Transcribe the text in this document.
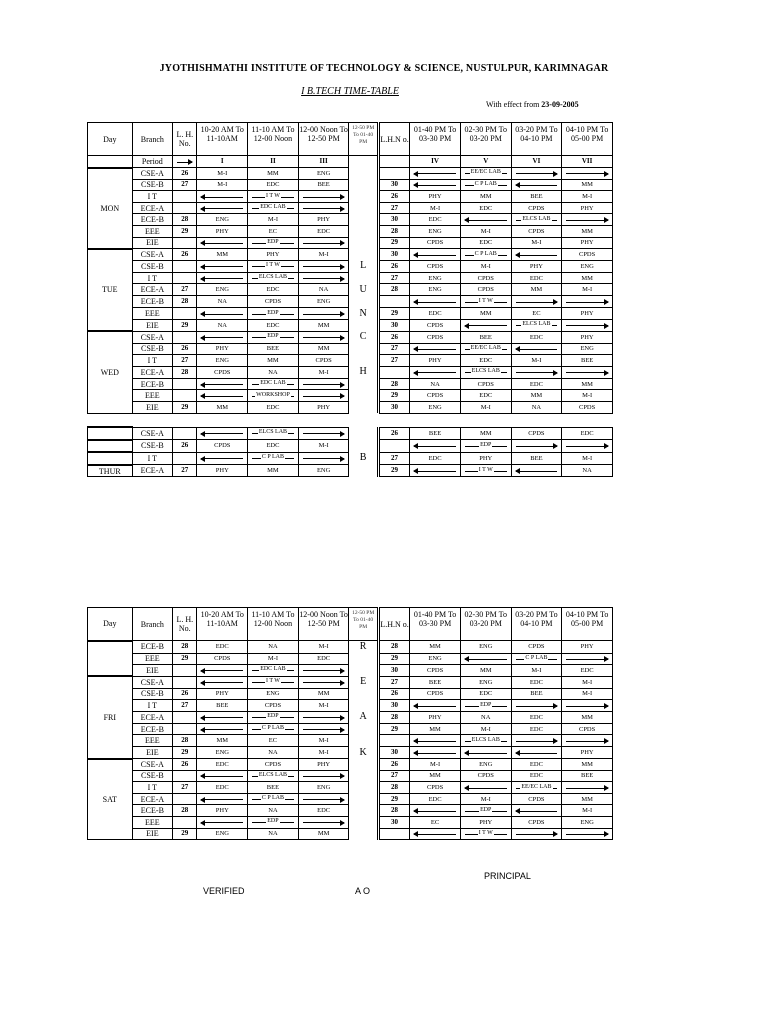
JYOTHISHMATHI INSTITUTE OF TECHNOLOGY & SCIENCE, NUSTULPUR, KARIMNAGAR
I B.TECH TIME-TABLE
With effect from 23-09-2005
Day	Branch	L. H. No.	10-20 AM To 11-10AM	11-10 AM To 12-00 Noon	12-00 Noon To 12-50 PM	12-50 PM To 01-40 PM		L.H.N o.	01-40 PM To 03-30 PM	02-30 PM To 03-20 PM	03-20 PM To 04-10 PM	04-10 PM To 05-00 PM
	Period		I	II	III				IV	V	VI	VII
MON	CSE-A	26	M-I	MM	ENG					EE/EC LAB		

	CSE-B	27	M-I	EDC	BEE			30		C P LAB		MM
	I T			I T W				26	PHY	MM	BEE	M-I
	ECE-A			EDC LAB				27	M-I	EDC	CPDS	PHY
	ECE-B	28	ENG	M-I	PHY			30	EDC		ELCS LAB	

	EEE	29	PHY	EC	EDC			28	ENG	M-I	CPDS	MM
	EIE			EDP				29	CPDS	EDC	M-I	PHY
TUE	CSE-A	26	MM	PHY	M-I			30		C P LAB		CPDS
	CSE-B			I T W		L		26	CPDS	M-I	PHY	ENG
	I T			ELCS LAB				27	ENG	CPDS	EDC	MM
	ECE-A	27	ENG	EDC	NA	U		28	ENG	CPDS	MM	M-I
	ECE-B	28	NA	CPDS	ENG					I T W		

	EEE			EDP		N		29	EDC	MM	EC	PHY
	EIE	29	NA	EDC	MM			30	CPDS		ELCS LAB	

WED	CSE-A			EDP		C		26	CPDS	BEE	EDC	PHY
	CSE-B	26	PHY	BEE	MM			27		EE/EC LAB		ENG
	I T	27	ENG	MM	CPDS			27	PHY	EDC	M-I	BEE
	ECE-A	28	CPDS	NA	M-I	H				ELCS LAB		

	ECE-B			EDC LAB				28	NA	CPDS	EDC	MM
	EEE			WORKSHOP				29	CPDS	EDC	MM	M-I
	EIE	29	MM	EDC	PHY			30	ENG	M-I	NA	CPDS
	CSE-A			ELCS LAB				26	BEE	MM	CPDS	EDC
	CSE-B	26	CPDS	EDC	M-I					EDP		

	I T			C P LAB		B		27	EDC	PHY	BEE	M-I
THUR	ECE-A	27	PHY	MM	ENG			29		I T W		NA
Day	Branch	L. H. No.	10-20 AM To 11-10AM	11-10 AM To 12-00 Noon	12-00 Noon To 12-50 PM	12-50 PM To 01-40 PM		L.H.N o.	01-40 PM To 03-30 PM	02-30 PM To 03-20 PM	03-20 PM To 04-10 PM	04-10 PM To 05-00 PM
	ECE-B	28	EDC	NA	M-I	R		28	MM	ENG	CPDS	PHY
	EEE	29	CPDS	M-I	EDC			29	ENG		C P LAB	

	EIE			EDC LAB				30	CPDS	MM	M-I	EDC
FRI	CSE-A			I T W		E		27	BEE	ENG	EDC	M-I
	CSE-B	26	PHY	ENG	MM			26	CPDS	EDC	BEE	M-I
	I T	27	BEE	CPDS	M-I			30		EDP		

	ECE-A			EDP		A		28	PHY	NA	EDC	MM
	ECE-B			C P LAB				29	MM	M-I	EDC	CPDS
	EEE	28	MM	EC	M-I					ELCS LAB		

	EIE	29	ENG	NA	M-I	K		30				PHY
SAT	CSE-A	26	EDC	CPDS	PHY			26	M-I	ENG	EDC	MM
	CSE-B			ELCS LAB				27	MM	CPDS	EDC	BEE
	I T	27	EDC	BEE	ENG			28	CPDS		EE/EC LAB	

	ECE-A			C P LAB				29	EDC	M-I	CPDS	MM
	ECE-B	28	PHY	NA	EDC			28		EDP		M-I
	EEE			EDP				30	EC	PHY	CPDS	ENG
	EIE	29	ENG	NA	MM					I T W		

PRINCIPAL
VERIFIED	A O
